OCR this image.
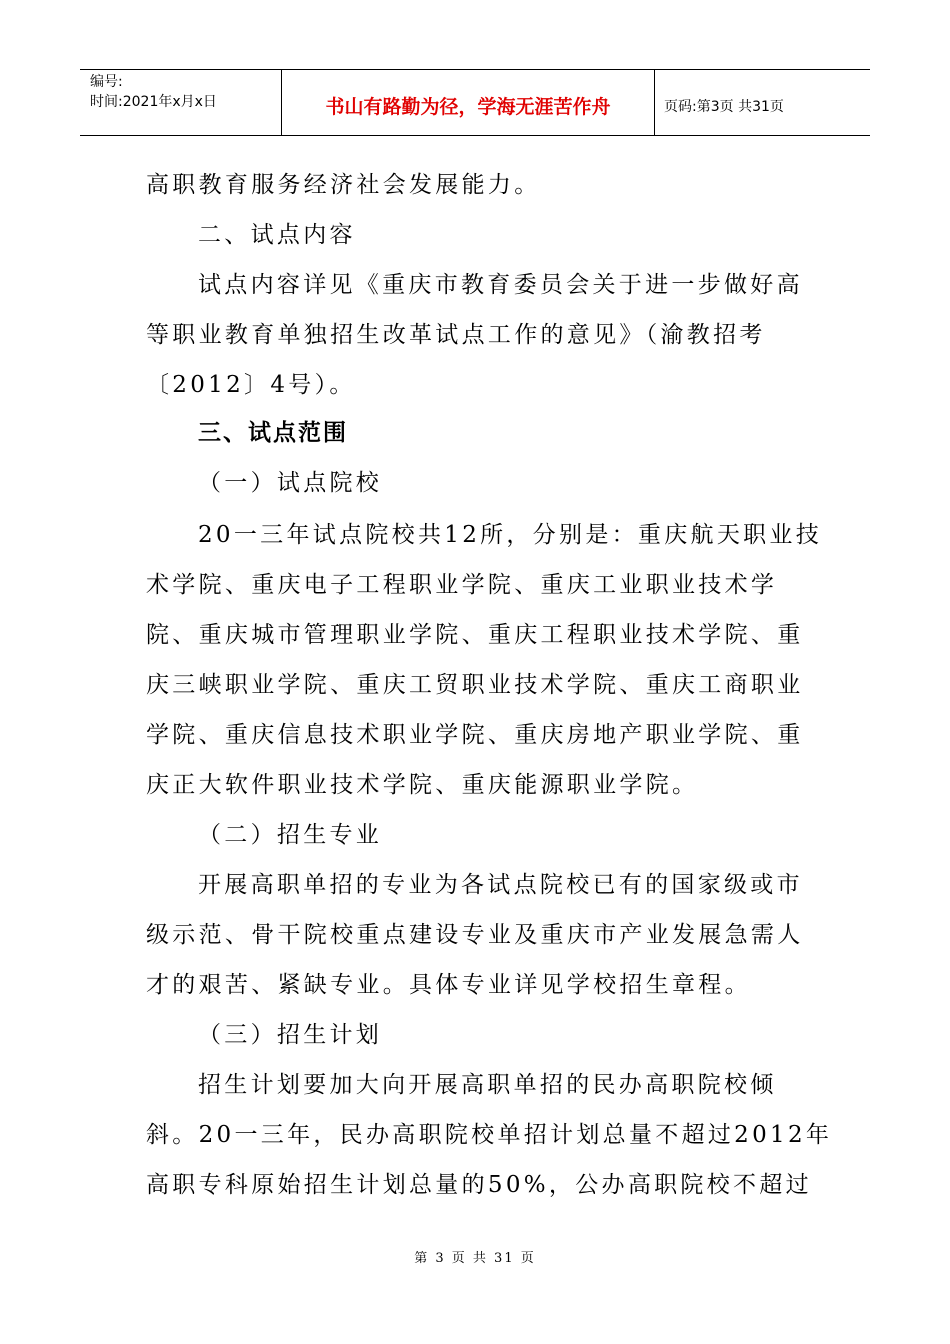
编号:
时间:2021年x月x日	书山有路勤为径，学海无涯苦作舟	页码:第3页 共31页
高职教育服务经济社会发展能力。
二、试点内容
试点内容详见《重庆市教育委员会关于进一步做好高
等职业教育单独招生改革试点工作的意见》（渝教招考
〔2012〕4号）。
三、试点范围
（一）试点院校
20一三年试点院校共12所，分别是：重庆航天职业技
术学院、重庆电子工程职业学院、重庆工业职业技术学
院、重庆城市管理职业学院、重庆工程职业技术学院、重
庆三峡职业学院、重庆工贸职业技术学院、重庆工商职业
学院、重庆信息技术职业学院、重庆房地产职业学院、重
庆正大软件职业技术学院、重庆能源职业学院。
（二）招生专业
开展高职单招的专业为各试点院校已有的国家级或市
级示范、骨干院校重点建设专业及重庆市产业发展急需人
才的艰苦、紧缺专业。具体专业详见学校招生章程。
（三）招生计划
招生计划要加大向开展高职单招的民办高职院校倾
斜。20一三年，民办高职院校单招计划总量不超过2012年
高职专科原始招生计划总量的50%，公办高职院校不超过
第 3 页 共 31 页
